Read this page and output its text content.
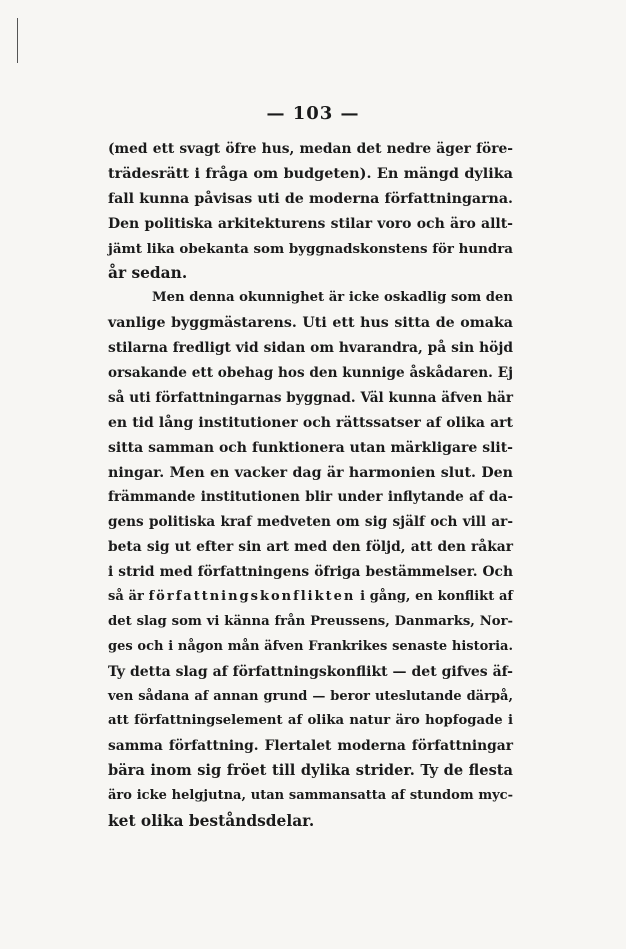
— 103 —
(med ett svagt öfre hus, medan det nedre äger före-
trädesrätt i fråga om budgeten). En mängd dylika
fall kunna påvisas uti de moderna författningarna.
Den politiska arkitekturens stilar voro och äro allt-
jämt lika obekanta som byggnadskonstens för hundra
år sedan.
Men denna okunnighet är icke oskadlig som den
vanlige byggmästarens. Uti ett hus sitta de omaka
stilarna fredligt vid sidan om hvarandra, på sin höjd
orsakande ett obehag hos den kunnige åskådaren. Ej
så uti författningarnas byggnad. Väl kunna äfven här
en tid lång institutioner och rättssatser af olika art
sitta samman och funktionera utan märkligare slit-
ningar. Men en vacker dag är harmonien slut. Den
främmande institutionen blir under inflytande af da-
gens politiska kraf medveten om sig själf och vill ar-
beta sig ut efter sin art med den följd, att den råkar
i strid med författningens öfriga bestämmelser. Och
så är författningskonflikten i gång, en konflikt af
det slag som vi känna från Preussens, Danmarks, Nor-
ges och i någon mån äfven Frankrikes senaste historia.
Ty detta slag af författningskonflikt — det gifves äf-
ven sådana af annan grund — beror uteslutande därpå,
att författningselement af olika natur äro hopfogade i
samma författning. Flertalet moderna författningar
bära inom sig fröet till dylika strider. Ty de flesta
äro icke helgjutna, utan sammansatta af stundom myc-
ket olika beståndsdelar.
